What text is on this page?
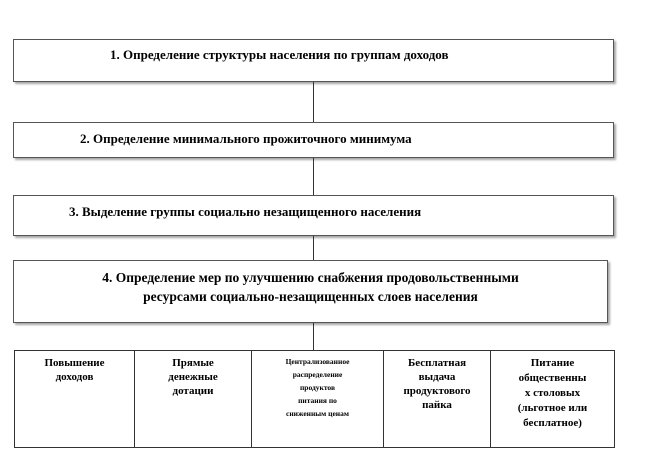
1. Определение структуры населения по группам доходов
2. Определение минимального прожиточного минимума
3. Выделение группы социально незащищенного населения
4. Определение мер по улучшению снабжения продовольственными
ресурсами социально-незащищенных слоев населения
Повышение
доходов
Прямые
денежные
дотации
Централизованное
распределение
продуктов
питания по
сниженным ценам
Бесплатная
выдача
продуктового
пайка
Питание
общественны
х столовых
(льготное или
бесплатное)
